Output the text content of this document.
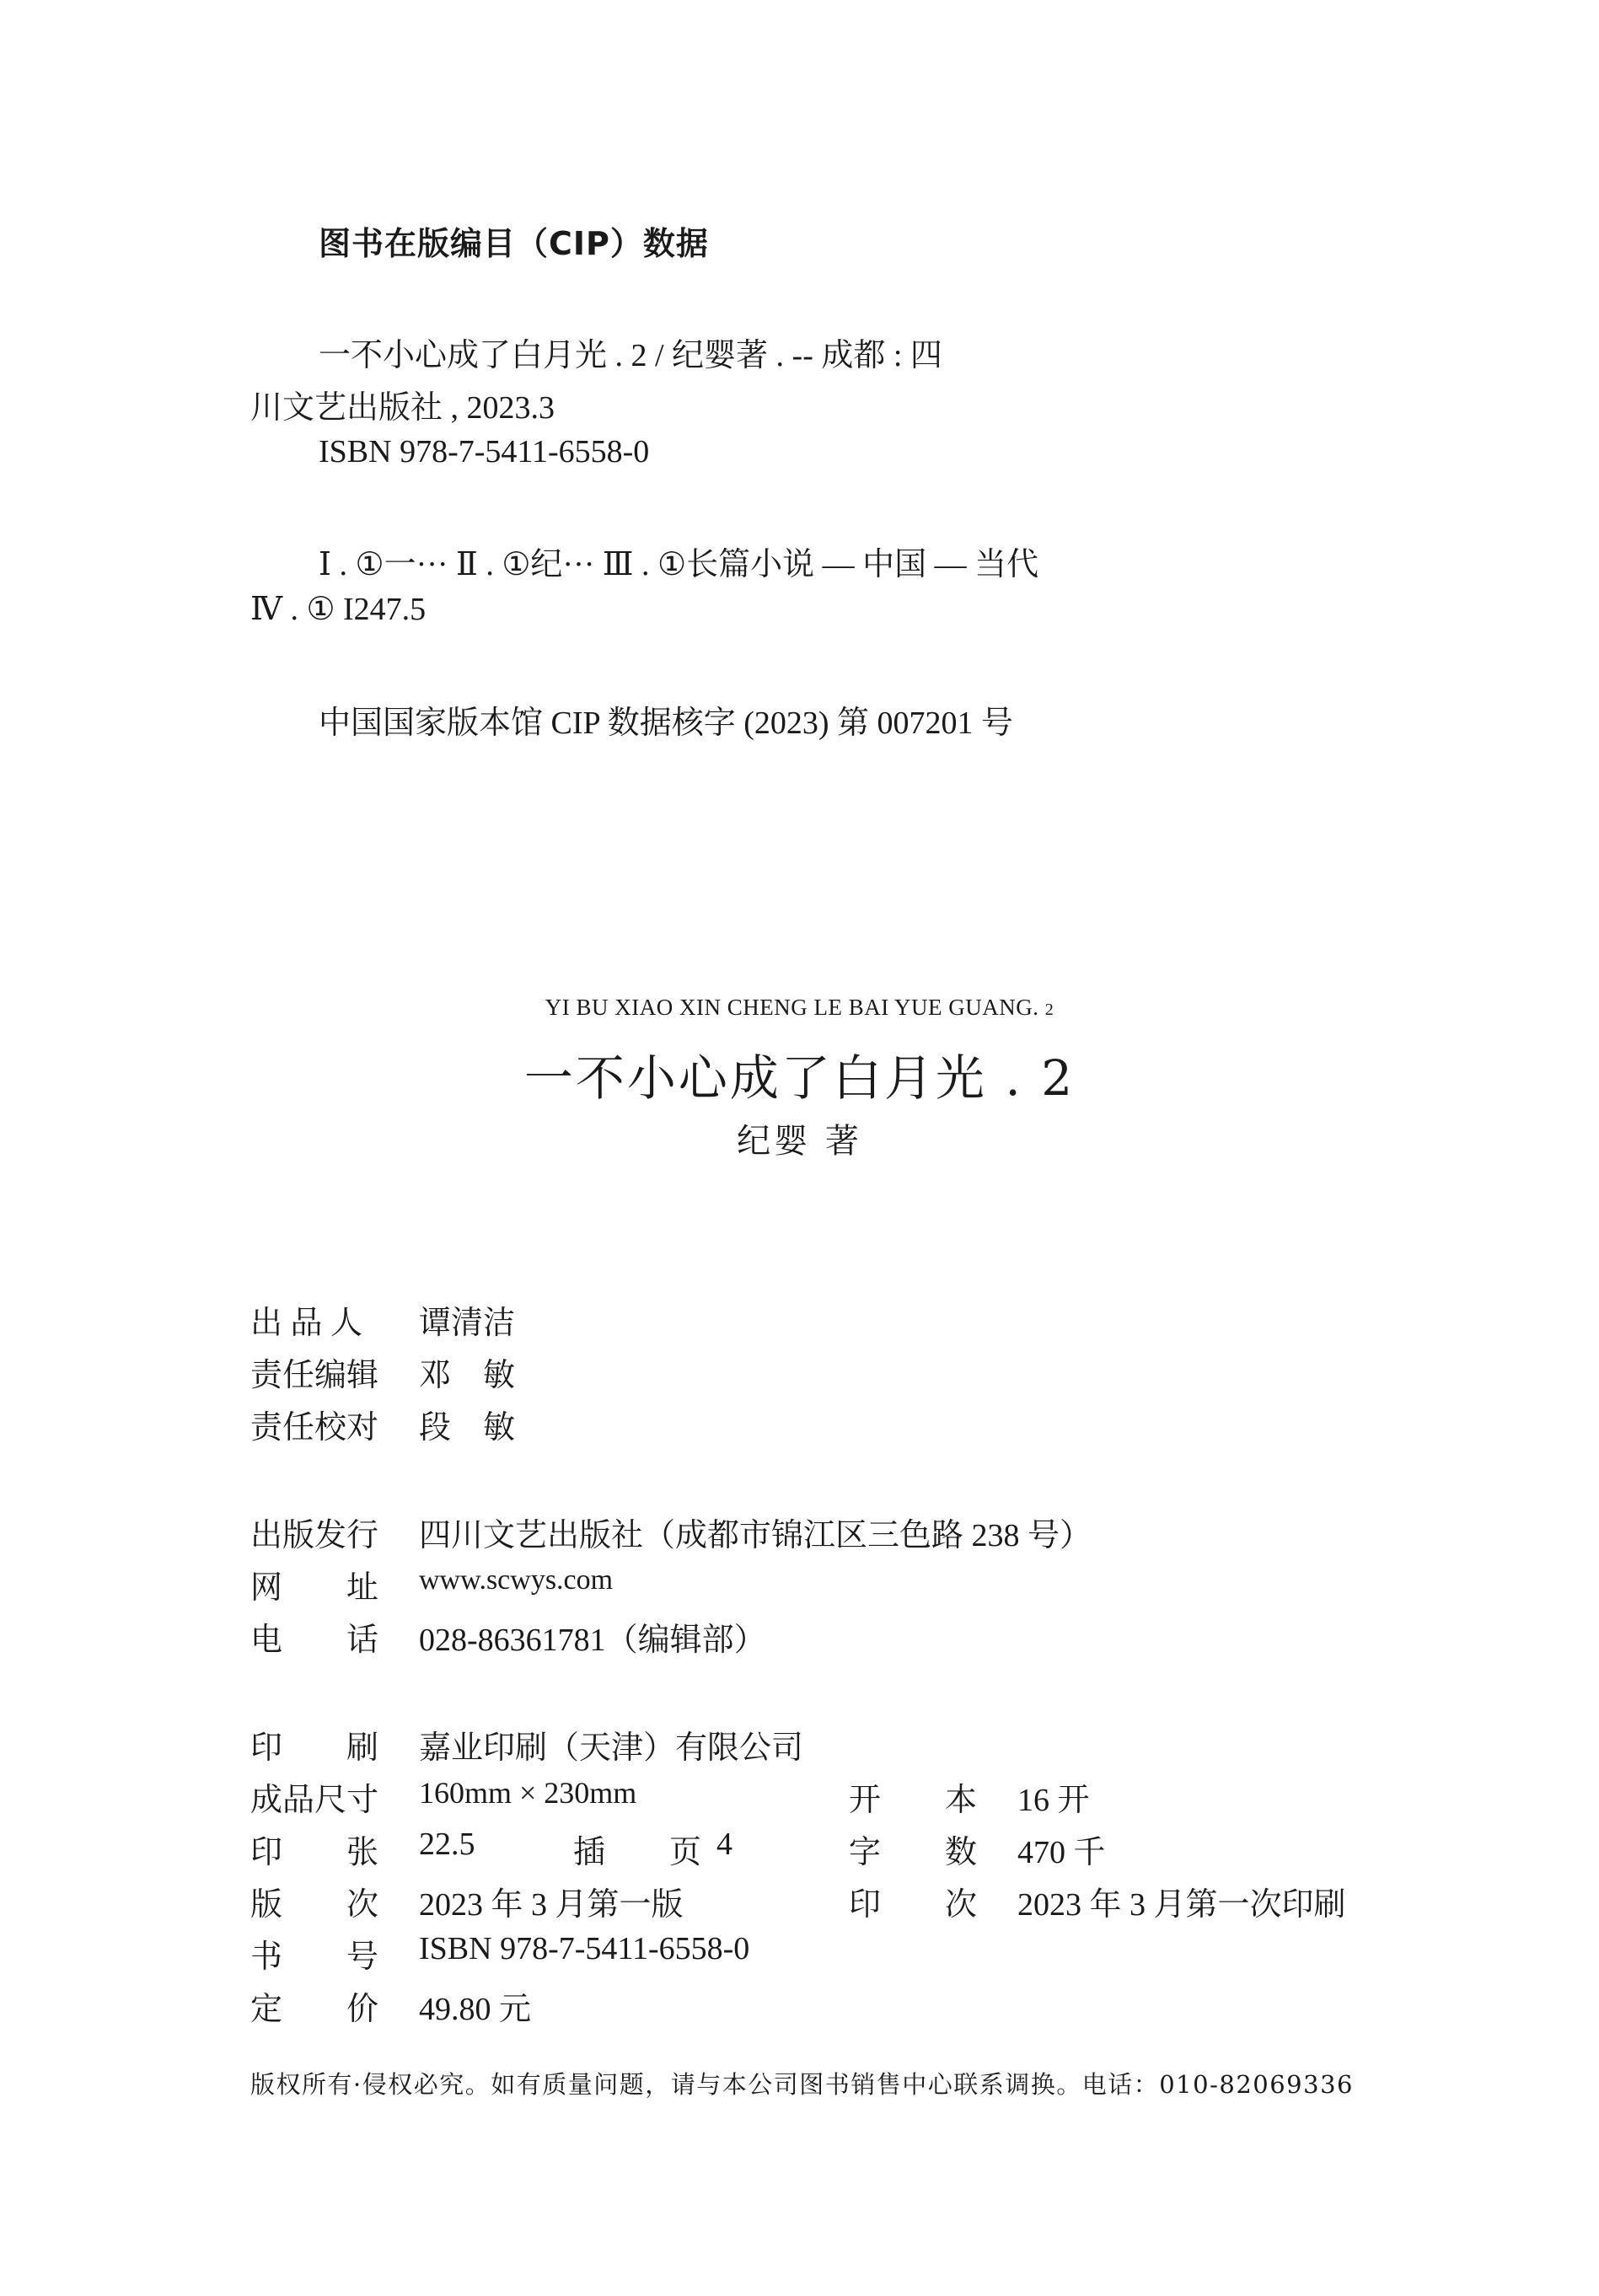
图书在版编目（CIP）数据
一不小心成了白月光 . 2 / 纪婴著 . -- 成都 : 四
川文艺出版社 , 2023.3
ISBN 978-7-5411-6558-0
Ⅰ . ①一··· Ⅱ . ①纪··· Ⅲ . ①长篇小说 — 中国 — 当代
Ⅳ . ① I247.5
中国国家版本馆 CIP 数据核字 (2023) 第 007201 号
YI BU XIAO XIN CHENG LE BAI YUE GUANG. 2
一不小心成了白月光 . 2
纪婴 著
出 品 人 谭清洁
责任编辑 邓　敏
责任校对 段　敏
出版发行 四川文艺出版社（成都市锦江区三色路 238 号）
网　　址 www.scwys.com
电　　话 028-86361781（编辑部）
印　　刷 嘉业印刷（天津）有限公司
成品尺寸 160mm × 230mm	开　　本 16 开
印　　张 22.5	插　　页 4	字　　数 470 千
版　　次 2023 年 3 月第一版	印　　次 2023 年 3 月第一次印刷
书　　号 ISBN 978-7-5411-6558-0
定　　价 49.80 元
版权所有·侵权必究。如有质量问题，请与本公司图书销售中心联系调换。电话：010-82069336
